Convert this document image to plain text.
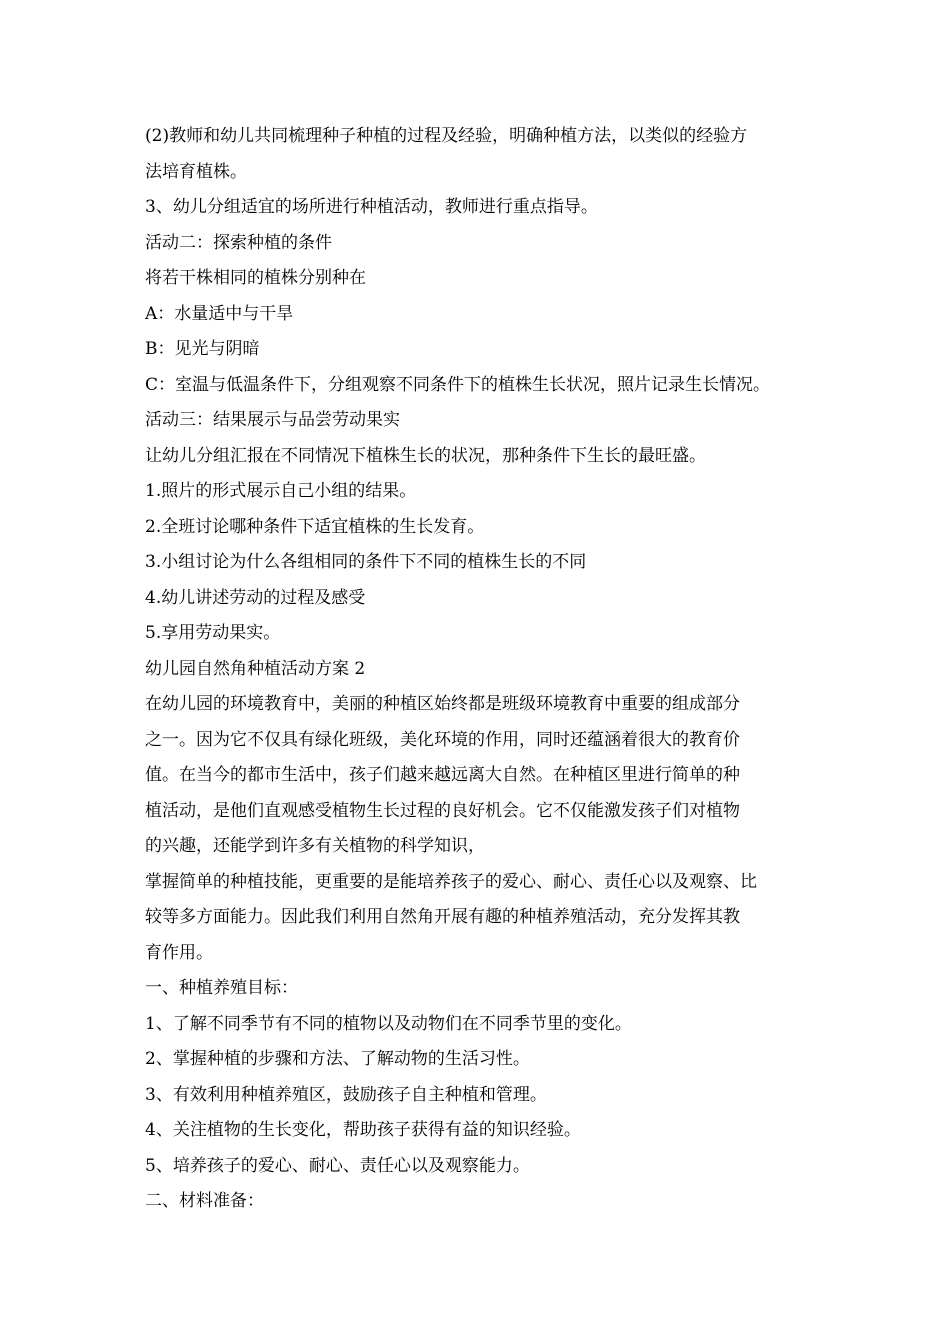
(2)教师和幼儿共同梳理种子种植的过程及经验，明确种植方法，以类似的经验方
法培育植株。
3、幼儿分组适宜的场所进行种植活动，教师进行重点指导。
活动二：探索种植的条件
将若干株相同的植株分别种在
A：水量适中与干旱
B：见光与阴暗
C：室温与低温条件下，分组观察不同条件下的植株生长状况，照片记录生长情况。
活动三：结果展示与品尝劳动果实
让幼儿分组汇报在不同情况下植株生长的状况，那种条件下生长的最旺盛。
1.照片的形式展示自己小组的结果。
2.全班讨论哪种条件下适宜植株的生长发育。
3.小组讨论为什么各组相同的条件下不同的植株生长的不同
4.幼儿讲述劳动的过程及感受
5.享用劳动果实。
幼儿园自然角种植活动方案 2
在幼儿园的环境教育中，美丽的种植区始终都是班级环境教育中重要的组成部分
之一。因为它不仅具有绿化班级，美化环境的作用，同时还蕴涵着很大的教育价
值。在当今的都市生活中，孩子们越来越远离大自然。在种植区里进行简单的种
植活动，是他们直观感受植物生长过程的良好机会。它不仅能激发孩子们对植物
的兴趣，还能学到许多有关植物的科学知识，
掌握简单的种植技能，更重要的是能培养孩子的爱心、耐心、责任心以及观察、比
较等多方面能力。因此我们利用自然角开展有趣的种植养殖活动，充分发挥其教
育作用。
一、种植养殖目标：
1、了解不同季节有不同的植物以及动物们在不同季节里的变化。
2、掌握种植的步骤和方法、了解动物的生活习性。
3、有效利用种植养殖区，鼓励孩子自主种植和管理。
4、关注植物的生长变化，帮助孩子获得有益的知识经验。
5、培养孩子的爱心、耐心、责任心以及观察能力。
二、材料准备：
